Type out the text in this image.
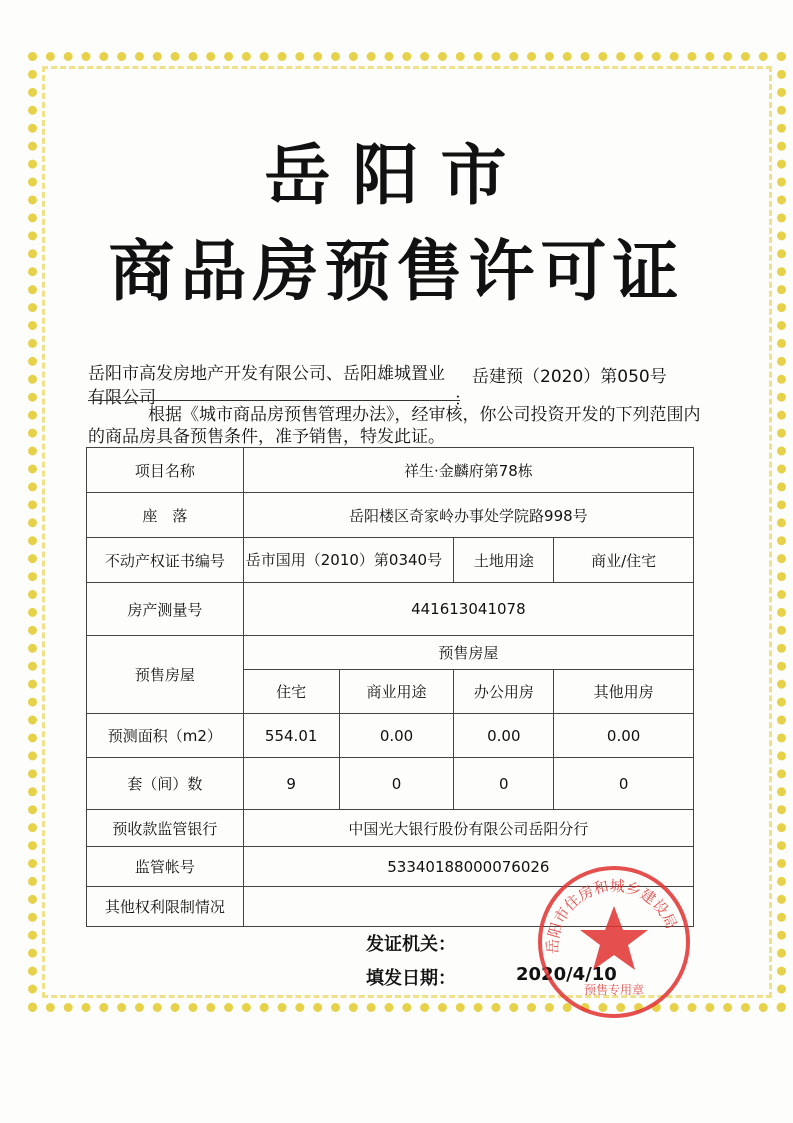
岳阳市
商品房预售许可证
岳阳市高发房地产开发有限公司、岳阳雄城置业有限公司	：
岳建预（2020）第050号
根据《城市商品房预售管理办法》，经审核，你公司投资开发的下列范围内的商品房具备预售条件，准予销售，特发此证。
项目名称	祥生·金麟府第78栋			
座　落	岳阳楼区奇家岭办事处学院路998号			
不动产权证书编号	岳市国用（2010）第0340号		土地用途	商业/住宅
房产测量号	441613041078			
预售房屋	预售房屋			
	住宅	商业用途	办公用房	其他用房
预测面积（m2）	554.01	0.00	0.00	0.00
套（间）数	9	0	0	0
预收款监管银行	中国光大银行股份有限公司岳阳分行			
监管帐号	53340188000076026			
其他权利限制情况				
发证机关：
填发日期：	2020/4/10
岳阳市住房和城乡建设局
预售专用章
